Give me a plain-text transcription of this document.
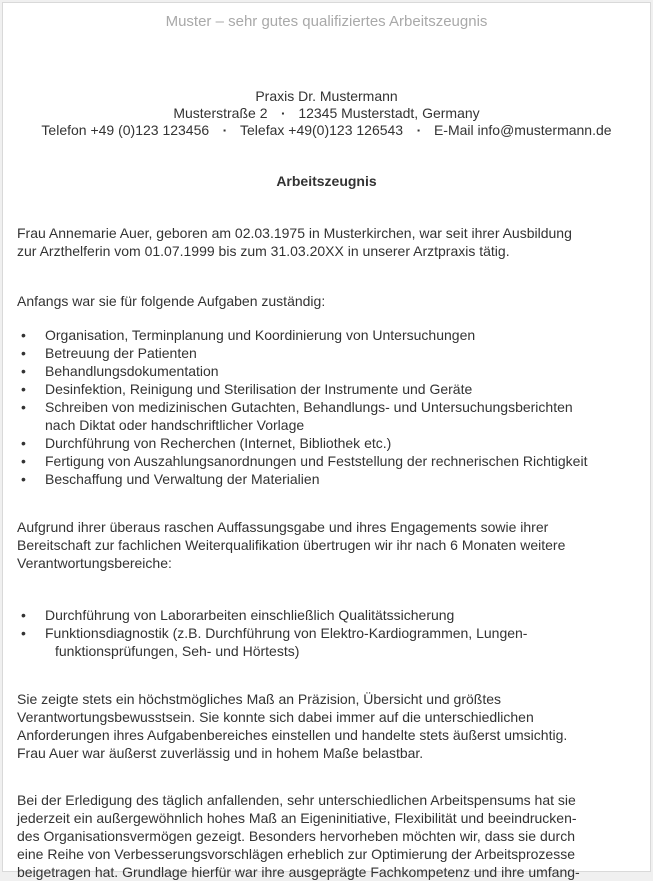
Muster – sehr gutes qualifiziertes Arbeitszeugnis
Praxis Dr. Mustermann
Musterstraße 2 ▪ 12345 Musterstadt, Germany
Telefon +49 (0)123 123456 ▪ Telefax +49(0)123 126543 ▪ E-Mail info@mustermann.de
Arbeitszeugnis
Frau Annemarie Auer, geboren am 02.03.1975 in Musterkirchen, war seit ihrer Ausbildung
zur Arzthelferin vom 01.07.1999 bis zum 31.03.20XX in unserer Arztpraxis tätig.
Anfangs war sie für folgende Aufgaben zuständig:
• Organisation, Terminplanung und Koordinierung von Untersuchungen
• Betreuung der Patienten
• Behandlungsdokumentation
• Desinfektion, Reinigung und Sterilisation der Instrumente und Geräte
• Schreiben von medizinischen Gutachten, Behandlungs- und Untersuchungsberichten
nach Diktat oder handschriftlicher Vorlage
• Durchführung von Recherchen (Internet, Bibliothek etc.)
• Fertigung von Auszahlungsanordnungen und Feststellung der rechnerischen Richtigkeit
• Beschaffung und Verwaltung der Materialien
Aufgrund ihrer überaus raschen Auffassungsgabe und ihres Engagements sowie ihrer
Bereitschaft zur fachlichen Weiterqualifikation übertrugen wir ihr nach 6 Monaten weitere
Verantwortungsbereiche:
• Durchführung von Laborarbeiten einschließlich Qualitätssicherung
• Funktionsdiagnostik (z.B. Durchführung von Elektro-Kardiogrammen, Lungen-
funktionsprüfungen, Seh- und Hörtests)
Sie zeigte stets ein höchstmögliches Maß an Präzision, Übersicht und größtes
Verantwortungsbewusstsein. Sie konnte sich dabei immer auf die unterschiedlichen
Anforderungen ihres Aufgabenbereiches einstellen und handelte stets äußerst umsichtig.
Frau Auer war äußerst zuverlässig und in hohem Maße belastbar.
Bei der Erledigung des täglich anfallenden, sehr unterschiedlichen Arbeitspensums hat sie
jederzeit ein außergewöhnlich hohes Maß an Eigeninitiative, Flexibilität und beeindrucken-
des Organisationsvermögen gezeigt. Besonders hervorheben möchten wir, dass sie durch
eine Reihe von Verbesserungsvorschlägen erheblich zur Optimierung der Arbeitsprozesse
beigetragen hat. Grundlage hierfür war ihre ausgeprägte Fachkompetenz und ihre umfang-
